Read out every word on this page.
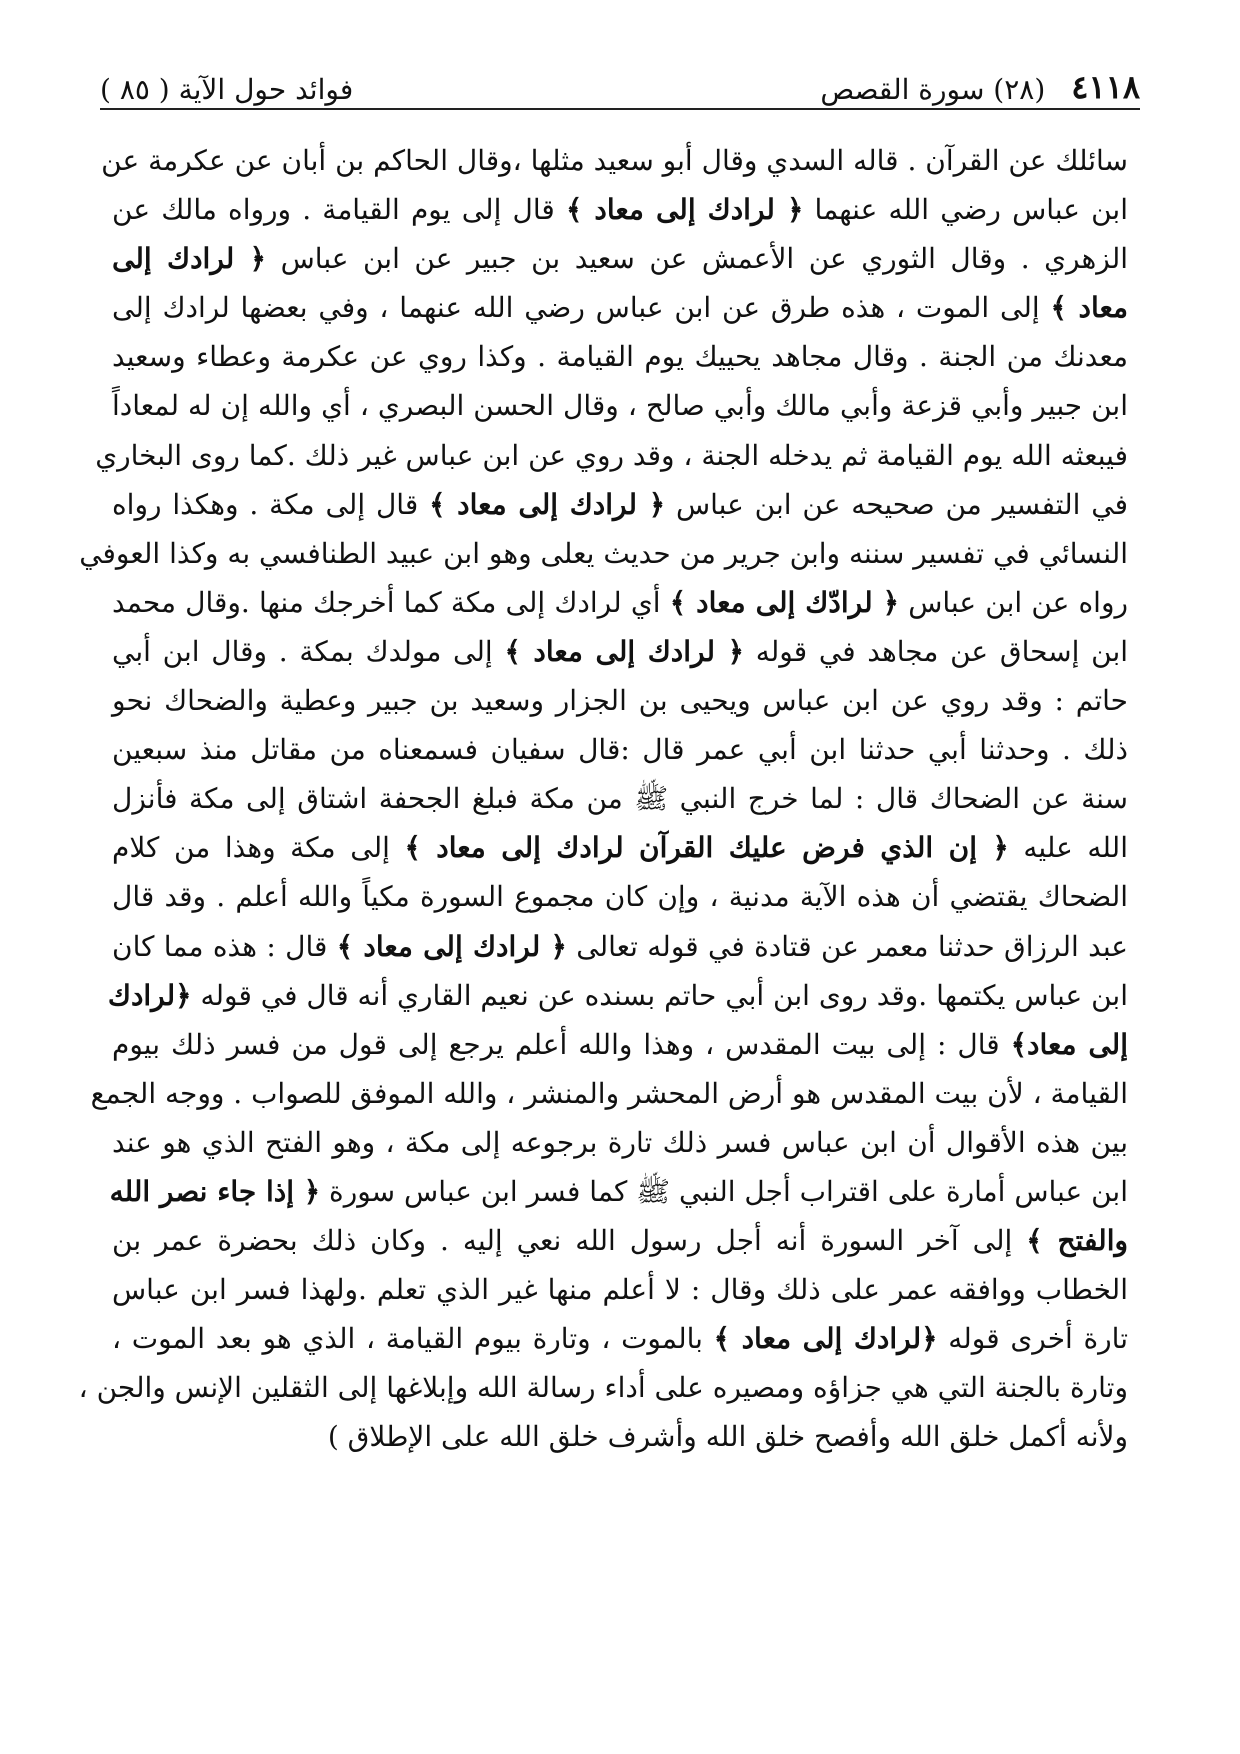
٤١١٨
(٢٨) سورة القصص
فوائد حول الآية ( ٨٥ )
سائلك عن القرآن . قاله السدي وقال أبو سعيد مثلها ،وقال الحاكم بن أبان عن عكرمة عن
ابن عباس رضي الله عنهما ﴿ لرادك إلى معاد ﴾ قال إلى يوم القيامة . ورواه مالك عن
الزهري . وقال الثوري عن الأعمش عن سعيد بن جبير عن ابن عباس ﴿ لرادك إلى
معاد ﴾ إلى الموت ، هذه طرق عن ابن عباس رضي الله عنهما ، وفي بعضها لرادك إلى
معدنك من الجنة . وقال مجاهد يحييك يوم القيامة . وكذا روي عن عكرمة وعطاء وسعيد
ابن جبير وأبي قزعة وأبي مالك وأبي صالح ، وقال الحسن البصري ، أي والله إن له لمعاداً
فيبعثه الله يوم القيامة ثم يدخله الجنة ، وقد روي عن ابن عباس غير ذلك .كما روى البخاري
في التفسير من صحيحه عن ابن عباس ﴿ لرادك إلى معاد ﴾ قال إلى مكة . وهكذا رواه
النسائي في تفسير سننه وابن جرير من حديث يعلى وهو ابن عبيد الطنافسي به وكذا العوفي
رواه عن ابن عباس ﴿ لرادّك إلى معاد ﴾ أي لرادك إلى مكة كما أخرجك منها .وقال محمد
ابن إسحاق عن مجاهد في قوله ﴿ لرادك إلى معاد ﴾ إلى مولدك بمكة . وقال ابن أبي
حاتم : وقد روي عن ابن عباس ويحيى بن الجزار وسعيد بن جبير وعطية والضحاك نحو
ذلك . وحدثنا أبي حدثنا ابن أبي عمر قال :قال سفيان فسمعناه من مقاتل منذ سبعين
سنة عن الضحاك قال : لما خرج النبي ﷺ من مكة فبلغ الجحفة اشتاق إلى مكة فأنزل
الله عليه ﴿ إن الذي فرض عليك القرآن لرادك إلى معاد ﴾ إلى مكة وهذا من كلام
الضحاك يقتضي أن هذه الآية مدنية ، وإن كان مجموع السورة مكياً والله أعلم . وقد قال
عبد الرزاق حدثنا معمر عن قتادة في قوله تعالى ﴿ لرادك إلى معاد ﴾ قال : هذه مما كان
ابن عباس يكتمها .وقد روى ابن أبي حاتم بسنده عن نعيم القاري أنه قال في قوله ﴿لرادك
إلى معاد﴾ قال : إلى بيت المقدس ، وهذا والله أعلم يرجع إلى قول من فسر ذلك بيوم
القيامة ، لأن بيت المقدس هو أرض المحشر والمنشر ، والله الموفق للصواب . ووجه الجمع
بين هذه الأقوال أن ابن عباس فسر ذلك تارة برجوعه إلى مكة ، وهو الفتح الذي هو عند
ابن عباس أمارة على اقتراب أجل النبي ﷺ كما فسر ابن عباس سورة ﴿ إذا جاء نصر الله
والفتح ﴾ إلى آخر السورة أنه أجل رسول الله نعي إليه . وكان ذلك بحضرة عمر بن
الخطاب ووافقه عمر على ذلك وقال : لا أعلم منها غير الذي تعلم .ولهذا فسر ابن عباس
تارة أخرى قوله ﴿لرادك إلى معاد ﴾ بالموت ، وتارة بيوم القيامة ، الذي هو بعد الموت ،
وتارة بالجنة التي هي جزاؤه ومصيره على أداء رسالة الله وإبلاغها إلى الثقلين الإنس والجن ،
ولأنه أكمل خلق الله وأفصح خلق الله وأشرف خلق الله على الإطلاق )
